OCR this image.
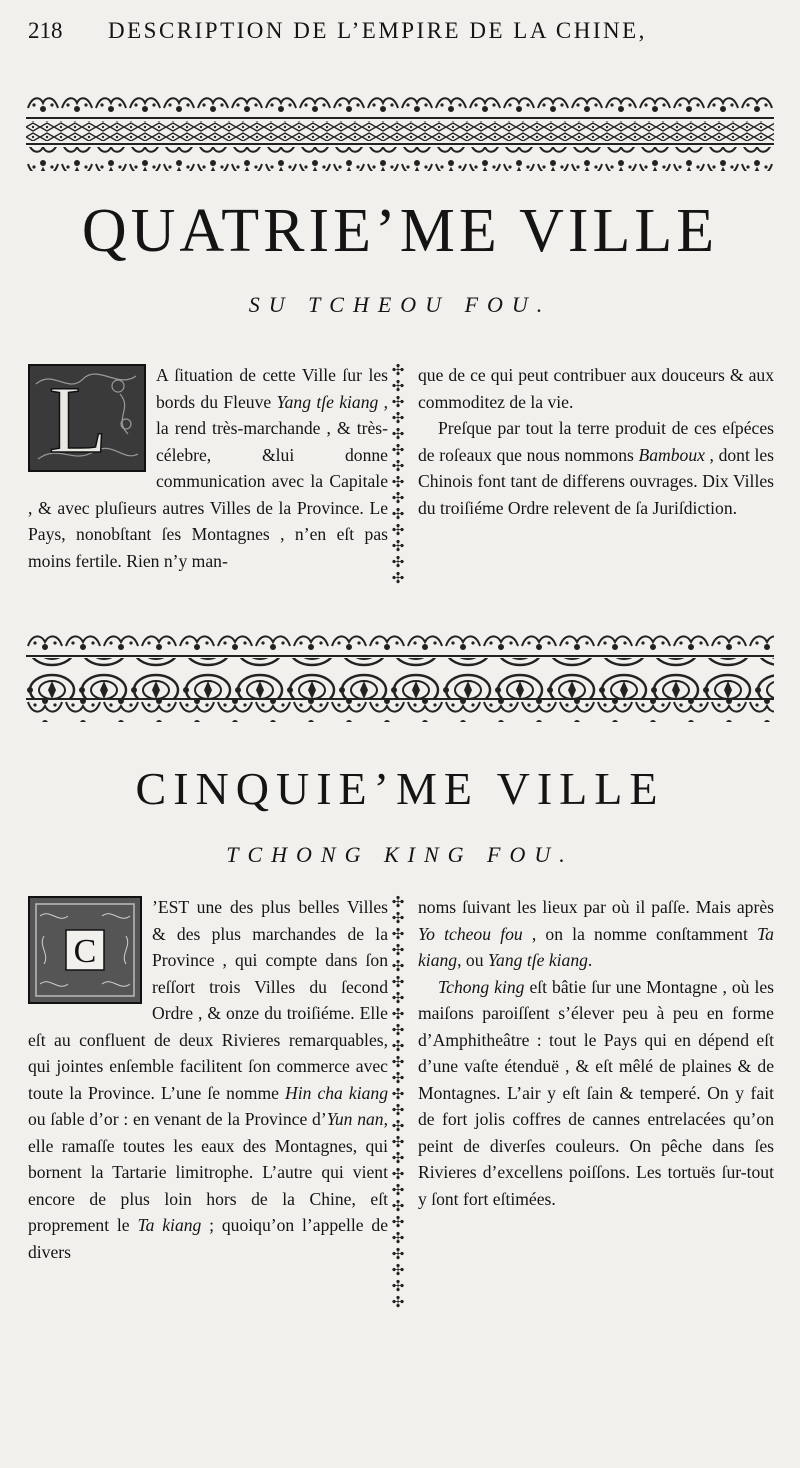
218 DESCRIPTION DE L’EMPIRE DE LA CHINE,
QUATRIE’ME VILLE
SU TCHEOU FOU.
L	A ſituation de cette Ville ſur les bords du Fleuve Yang tſe kiang , la rend très-marchande , & très-célebre, &lui donne communication avec la Capitale , & avec pluſieurs autres Villes de la Province. Le Pays, nonobſtant ſes Montagnes , n’en eſt pas moins fertile. Rien n’y man-

✣
✣
✣
✣
✣
✣
✣
✣
✣
✣
✣
✣
✣
✣

que de ce qui peut contribuer aux douceurs & aux commoditez de la vie.

Preſque par tout la terre produit de ces eſpéces de roſeaux que nous nommons Bamboux , dont les Chinois font tant de differens ouvrages. Dix Villes du troiſiéme Ordre relevent de ſa Juriſdiction.

CINQUIE’ME VILLE
TCHONG KING FOU.
C

’EST une des plus belles Villes & des plus marchandes de la Province , qui compte dans ſon reſſort trois Villes du ſecond Ordre , & onze du troiſiéme. Elle eſt au confluent de deux Rivieres remarquables, qui jointes enſemble facilitent ſon commerce avec toute la Province. L’une ſe nomme Hin cha kiang ou ſable d’or : en venant de la Province d’Yun nan, elle ramaſſe toutes les eaux des Montagnes, qui bornent la Tartarie limitrophe. L’autre qui vient encore de plus loin hors de la Chine, eſt proprement le Ta kiang ; quoiqu’on l’appelle de divers

✣
✣
✣
✣
✣
✣
✣
✣
✣
✣
✣
✣
✣
✣
✣
✣
✣
✣
✣
✣
✣
✣
✣
✣
✣
✣

noms ſuivant les lieux par où il paſſe. Mais après Yo tcheou fou , on la nomme conſtamment Ta kiang, ou Yang tſe kiang.

Tchong king eſt bâtie ſur une Montagne , où les maiſons paroiſſent s’élever peu à peu en forme d’Amphitheâtre : tout le Pays qui en dépend eſt d’une vaſte étenduë , & eſt mêlé de plaines & de Montagnes. L’air y eſt ſain & temperé. On y fait de fort jolis coffres de cannes entrelacées qu’on peint de diverſes couleurs. On pêche dans ſes Rivieres d’excellens poiſſons. Les tortuës ſur-tout y ſont fort eſtimées.
